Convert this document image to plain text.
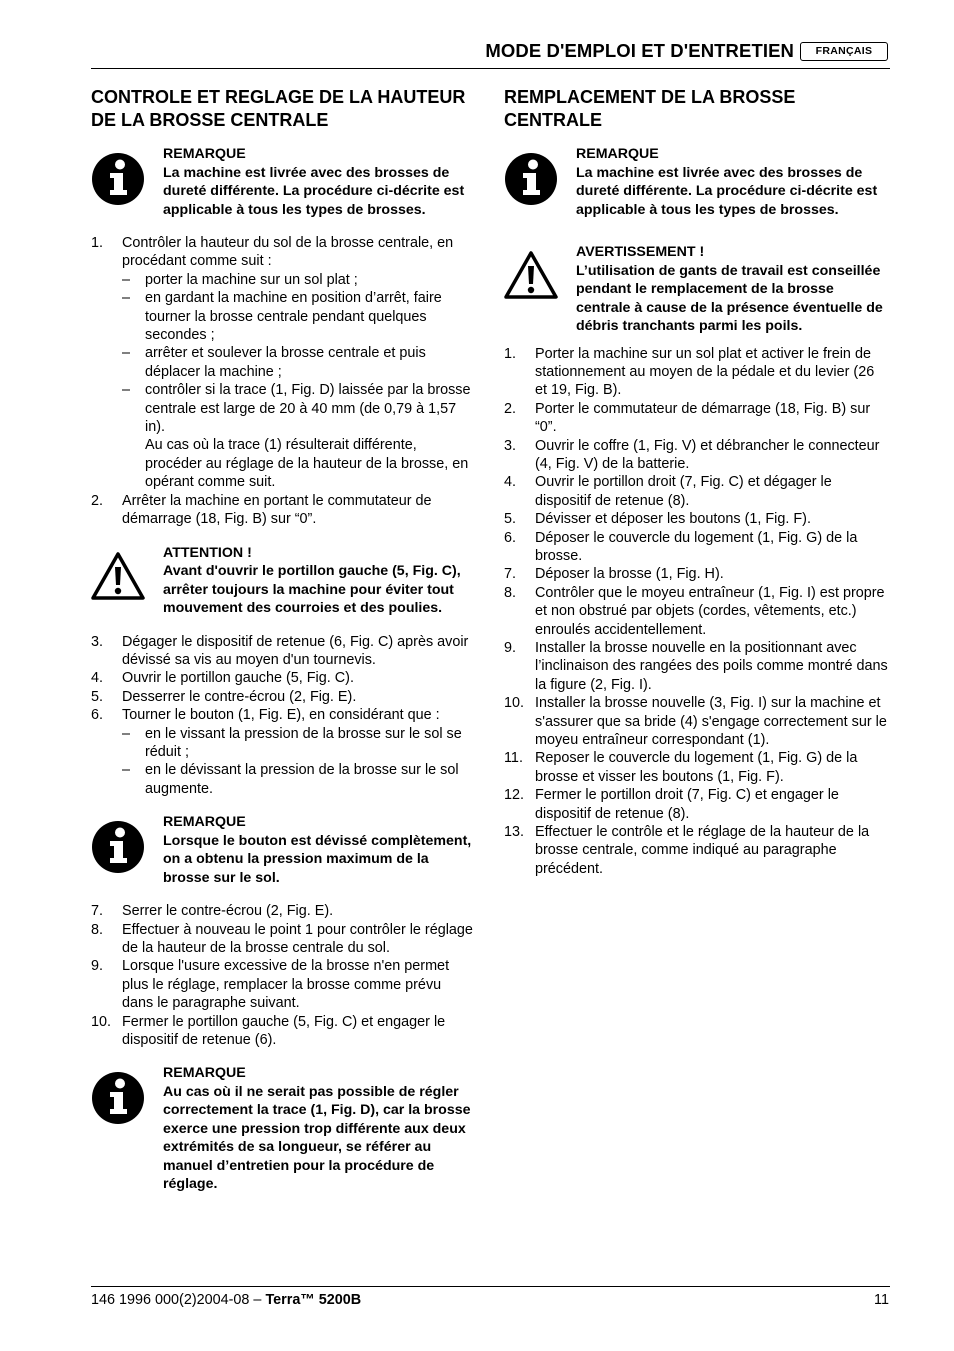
MODE D'EMPLOI ET D'ENTRETIEN	FRANÇAIS
CONTROLE ET REGLAGE DE LA HAUTEUR DE LA BROSSE CENTRALE
REMARQUE
La machine est livrée avec des brosses de dureté différente. La procédure ci-décrite est applicable à tous les types de brosses.
1.	Contrôler la hauteur du sol de la brosse centrale, en procédant comme suit :
–	porter la machine sur un sol plat ;
–	en gardant la machine en position d’arrêt, faire tourner la brosse centrale pendant quelques secondes ;
–	arrêter et soulever la brosse centrale et puis déplacer la machine ;
–	contrôler si la trace (1, Fig. D) laissée par la brosse centrale est large de 20 à 40 mm (de 0,79 à 1,57 in).
Au cas où la trace (1) résulterait différente, procéder au réglage de la hauteur de la brosse, en opérant comme suit.
2.	Arrêter la machine en portant le commutateur de démarrage (18, Fig. B) sur “0”.
ATTENTION !
Avant d'ouvrir le portillon gauche (5, Fig. C), arrêter toujours la machine pour éviter tout mouvement des courroies et des poulies.
3.	Dégager le dispositif de retenue (6, Fig. C) après avoir dévissé sa vis au moyen d'un tournevis.
4.	Ouvrir le portillon gauche (5, Fig. C).
5.	Desserrer le contre-écrou (2, Fig. E).
6.	Tourner le bouton (1, Fig. E), en considérant que :
–	en le vissant la pression de la brosse sur le sol se réduit ;
–	en le dévissant la pression de la brosse sur le sol augmente.
REMARQUE
Lorsque le bouton est dévissé complètement, on a obtenu la pression maximum de la brosse sur le sol.
7.	Serrer le contre-écrou (2, Fig. E).
8.	Effectuer à nouveau le point 1 pour contrôler le réglage de la hauteur de la brosse centrale du sol.
9.	Lorsque l'usure excessive de la brosse n'en permet plus le réglage, remplacer la brosse comme prévu dans le paragraphe suivant.
10. Fermer le portillon gauche (5, Fig. C) et engager le dispositif de retenue (6).
REMARQUE
Au cas où il ne serait pas possible de régler correctement la trace (1, Fig. D), car la brosse exerce une pression trop différente aux deux extrémités de sa longueur, se référer au manuel d’entretien pour la procédure de réglage.
REMPLACEMENT DE LA BROSSE CENTRALE
REMARQUE
La machine est livrée avec des brosses de dureté différente. La procédure ci-décrite est applicable à tous les types de brosses.
AVERTISSEMENT !
L’utilisation de gants de travail est conseillée pendant le remplacement de la brosse centrale à cause de la présence éventuelle de débris tranchants parmi les poils.
1.	Porter la machine sur un sol plat et activer le frein de stationnement au moyen de la pédale et du levier (26 et 19, Fig. B).
2.	Porter le commutateur de démarrage (18, Fig. B) sur “0”.
3.	Ouvrir le coffre (1, Fig. V) et débrancher le connecteur (4, Fig. V) de la batterie.
4.	Ouvrir le portillon droit (7, Fig. C) et dégager le dispositif de retenue (8).
5.	Dévisser et déposer les boutons (1, Fig. F).
6.	Déposer le couvercle du logement (1, Fig. G) de la brosse.
7.	Déposer la brosse (1, Fig. H).
8.	Contrôler que le moyeu entraîneur (1, Fig. I) est propre et non obstrué par objets (cordes, vêtements, etc.) enroulés accidentellement.
9.	Installer la brosse nouvelle en la positionnant avec l’inclinaison des rangées des poils comme montré dans la figure (2, Fig. I).
10. Installer la brosse nouvelle (3, Fig. I) sur la machine et s'assurer que sa bride (4) s'engage correctement sur le moyeu entraîneur correspondant (1).
11. Reposer le couvercle du logement (1, Fig. G) de la brosse et visser les boutons (1, Fig. F).
12. Fermer le portillon droit (7, Fig. C) et engager le dispositif de retenue (8).
13. Effectuer le contrôle et le réglage de la hauteur de la brosse centrale, comme indiqué au paragraphe précédent.
146 1996 000(2)2004-08 – Terra™ 5200B	11
